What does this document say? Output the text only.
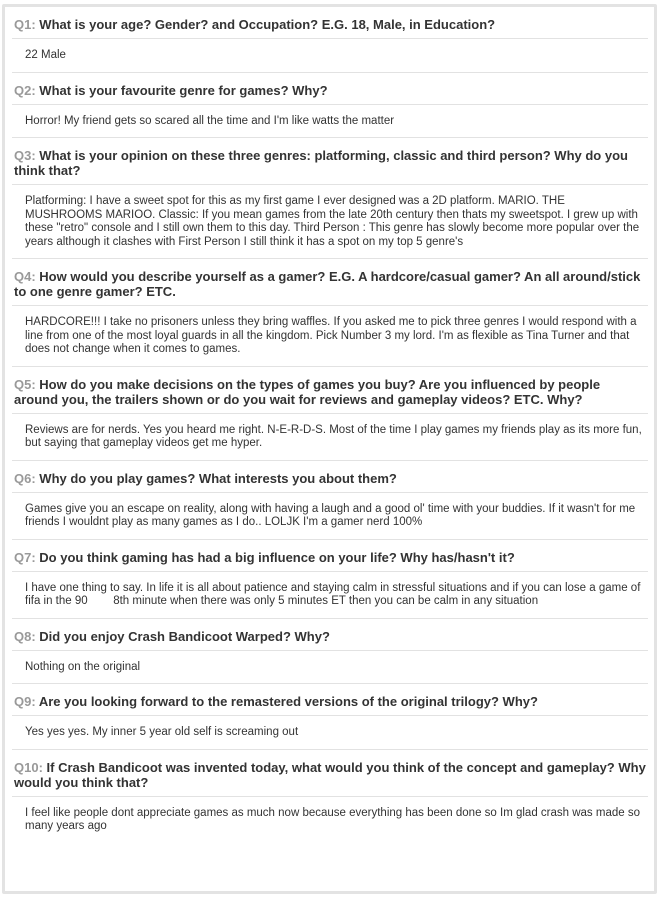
Q1: What is your age? Gender? and Occupation? E.G. 18, Male, in Education?
22 Male
Q2: What is your favourite genre for games? Why?
Horror! My friend gets so scared all the time and I'm like watts the matter
Q3: What is your opinion on these three genres: platforming, classic and third person? Why do you think that?
Platforming: I have a sweet spot for this as my first game I ever designed was a 2D platform. MARIO. THE MUSHROOMS MARIOO. Classic: If you mean games from the late 20th century then thats my sweetspot. I grew up with these "retro" console and I still own them to this day. Third Person : This genre has slowly become more popular over the years although it clashes with First Person I still think it has a spot on my top 5 genre's
Q4: How would you describe yourself as a gamer? E.G. A hardcore/casual gamer? An all around/stick to one genre gamer? ETC.
HARDCORE!!! I take no prisoners unless they bring waffles. If you asked me to pick three genres I would respond with a line from one of the most loyal guards in all the kingdom. Pick Number 3 my lord. I'm as flexible as Tina Turner and that does not change when it comes to games.
Q5: How do you make decisions on the types of games you buy? Are you influenced by people around you, the trailers shown or do you wait for reviews and gameplay videos? ETC. Why?
Reviews are for nerds. Yes you heard me right. N-E-R-D-S. Most of the time I play games my friends play as its more fun, but saying that gameplay videos get me hyper.
Q6: Why do you play games? What interests you about them?
Games give you an escape on reality, along with having a laugh and a good ol' time with your buddies. If it wasn't for me friends I wouldnt play as many games as I do.. LOLJK I'm a gamer nerd 100%
Q7: Do you think gaming has had a big influence on your life? Why has/hasn't it?
I have one thing to say. In life it is all about patience and staying calm in stressful situations and if you can lose a game of fifa in the 90        8th minute when there was only 5 minutes ET then you can be calm in any situation
Q8: Did you enjoy Crash Bandicoot Warped? Why?
Nothing on the original
Q9: Are you looking forward to the remastered versions of the original trilogy? Why?
Yes yes yes. My inner 5 year old self is screaming out
Q10: If Crash Bandicoot was invented today, what would you think of the concept and gameplay? Why would you think that?
I feel like people dont appreciate games as much now because everything has been done so Im glad crash was made so many years ago
